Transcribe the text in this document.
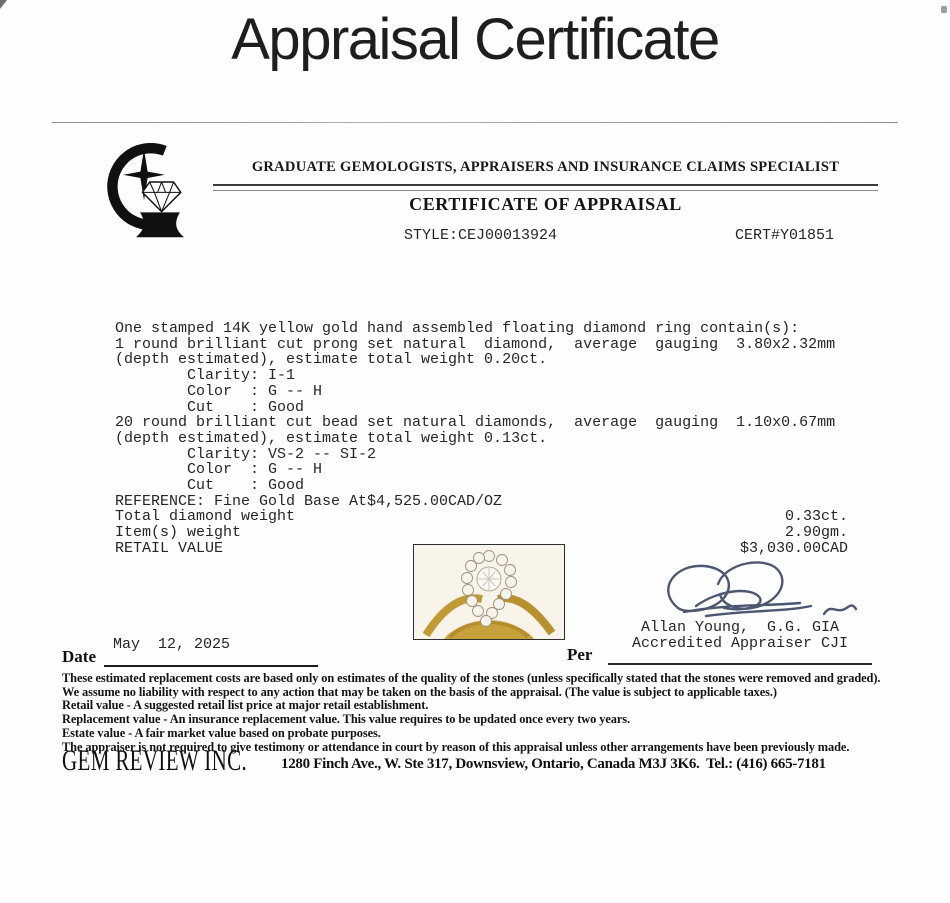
Appraisal Certificate
GRADUATE GEMOLOGISTS, APPRAISERS AND INSURANCE CLAIMS SPECIALIST
CERTIFICATE OF APPRAISAL
STYLE:CEJ00013924	CERT#Y01851
One stamped 14K yellow gold hand assembled floating diamond ring contain(s):
1 round brilliant cut prong set natural  diamond,  average  gauging  3.80x2.32mm
(depth estimated), estimate total weight 0.20ct.
Clarity: I-1
Color  : G -- H
Cut    : Good
20 round brilliant cut bead set natural diamonds,  average  gauging  1.10x0.67mm
(depth estimated), estimate total weight 0.13ct.
Clarity: VS-2 -- SI-2
Color  : G -- H
Cut    : Good
REFERENCE: Fine Gold Base At$4,525.00CAD/OZ
Total diamond weight	0.33ct.
Item(s) weight	2.90gm.
RETAIL VALUE	$3,030.00CAD
Allan Young,  G.G. GIA
Accredited Appraiser CJI
May  12, 2025
Date	Per
These estimated replacement costs are based only on estimates of the quality of the stones (unless specifically stated that the stones were removed and graded).
We assume no liability with respect to any action that may be taken on the basis of the appraisal. (The value is subject to applicable taxes.)
Retail value - A suggested retail list price at major retail establishment.
Replacement value - An insurance replacement value. This value requires to be updated once every two years.
Estate value - A fair market value based on probate purposes.
The appraiser is not required to give testimony or attendance in court by reason of this appraisal unless other arrangements have been previously made.
GEM REVIEW INC. 1280 Finch Ave., W. Ste 317, Downsview, Ontario, Canada M3J 3K6.  Tel.: (416) 665-7181
